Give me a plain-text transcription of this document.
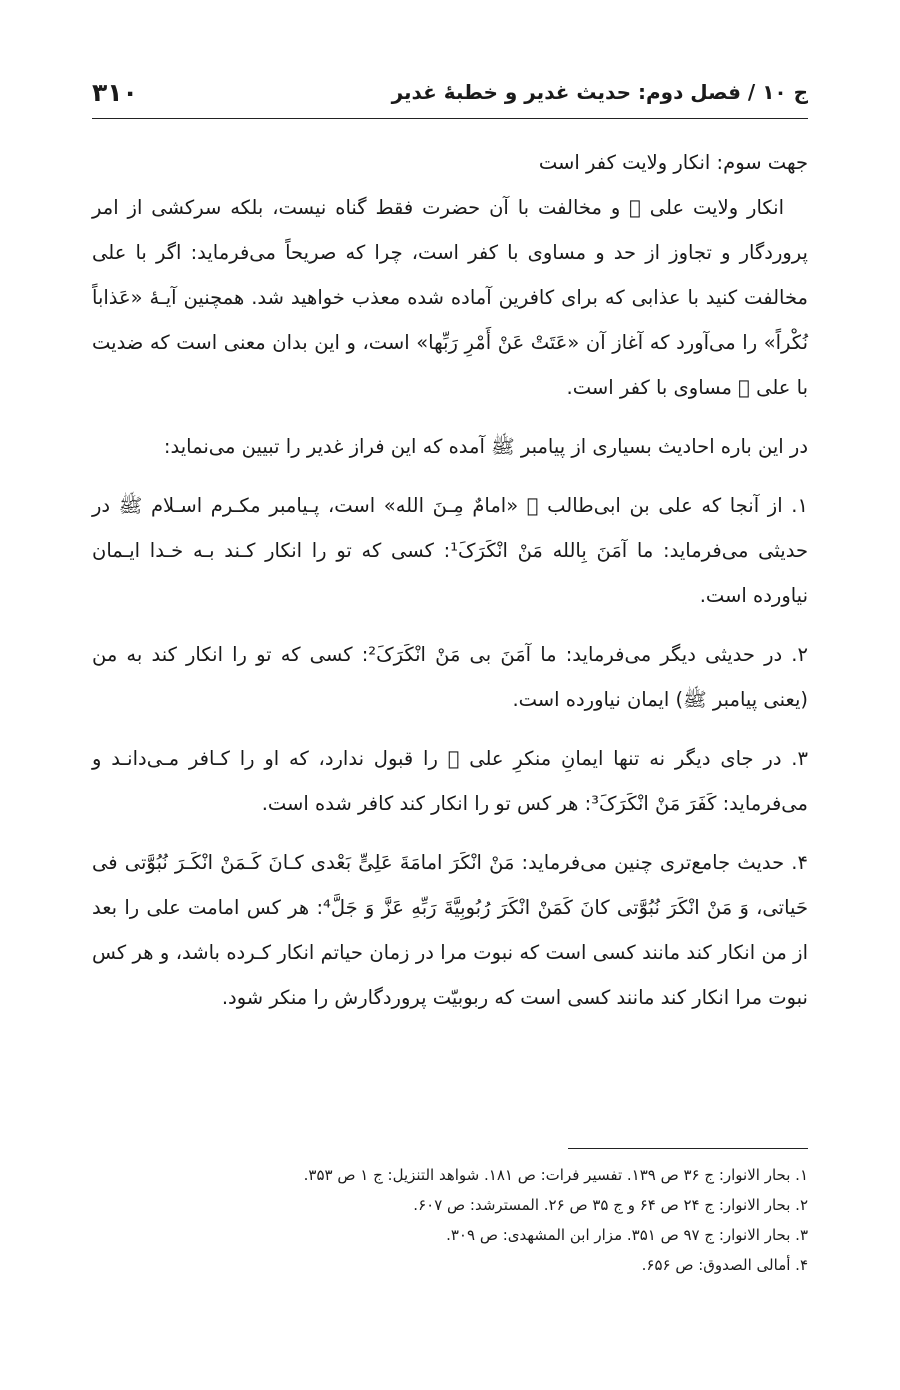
ج ۱۰ / فصل دوم: حدیث غدیر و خطبهٔ غدیر
۳۱۰

جهت سوم: انکار ولایت کفر است

انکار ولایت علی ﷣ و مخالفت با آن حضرت فقط گناه نیست، بلکه سرکشی از امر پروردگار و تجاوز از حد و مساوی با کفر است، چرا که صریحاً می‌فرماید: اگر با علی مخالفت کنید با عذابی که برای کافرین آماده شده معذب خواهید شد. همچنین آیـهٔ «عَذاباً نُکْراً» را می‌آورد که آغاز آن «عَتَتْ عَنْ أَمْرِ رَبِّها» است، و این بدان معنی است که ضدیت با علی ﷣ مساوی با کفر است.

در این باره احادیث بسیاری از پیامبر ﷺ آمده که این فراز غدیر را تبیین می‌نماید:

۱. از آنجا که علی بن ابی‌طالب ﷣ «امامٌ مِـنَ الله» است، پـیامبر مکـرم اسـلام ﷺ در حدیثی می‌فرماید: ما آمَنَ بِالله مَنْ انْکَرَکَ¹: کسی که تو را انکار کـند بـه خـدا ایـمان نیاورده است.

۲. در حدیثی دیگر می‌فرماید: ما آمَنَ بی مَنْ انْکَرَکَ²: کسی که تو را انکار کند به من (یعنی پیامبر ﷺ) ایمان نیاورده است.

۳. در جای دیگر نه تنها ایمانِ منکرِ علی ﷣ را قبول ندارد، که او را کـافر مـی‌دانـد و می‌فرماید: کَفَرَ مَنْ انْکَرَکَ³: هر کس تو را انکار کند کافر شده است.

۴. حدیث جامع‌تری چنین می‌فرماید: مَنْ انْکَرَ امامَةَ عَلِیٍّ بَعْدی کـانَ کَـمَنْ انْکَـرَ نُبُوَّتی فی حَیاتی، وَ مَنْ انْکَرَ نُبُوَّتی کانَ کَمَنْ انْکَرَ رُبُوبِیَّةَ رَبِّهِ عَزَّ وَ جَلَّ⁴: هر کس امامت علی را بعد از من انکار کند مانند کسی است که نبوت مرا در زمان حیاتم انکار کـرده باشد، و هر کس نبوت مرا انکار کند مانند کسی است که ربوبیّت پروردگارش را منکر شود.

۱. بحار الانوار: ج ۳۶ ص ۱۳۹. تفسیر فرات: ص ۱۸۱. شواهد التنزیل: ج ۱ ص ۳۵۳.
۲. بحار الانوار: ج ۲۴ ص ۶۴ و ج ۳۵ ص ۲۶. المسترشد: ص ۶۰۷.
۳. بحار الانوار: ج ۹۷ ص ۳۵۱. مزار ابن المشهدی: ص ۳۰۹.
۴. أمالی الصدوق: ص ۶۵۶.
